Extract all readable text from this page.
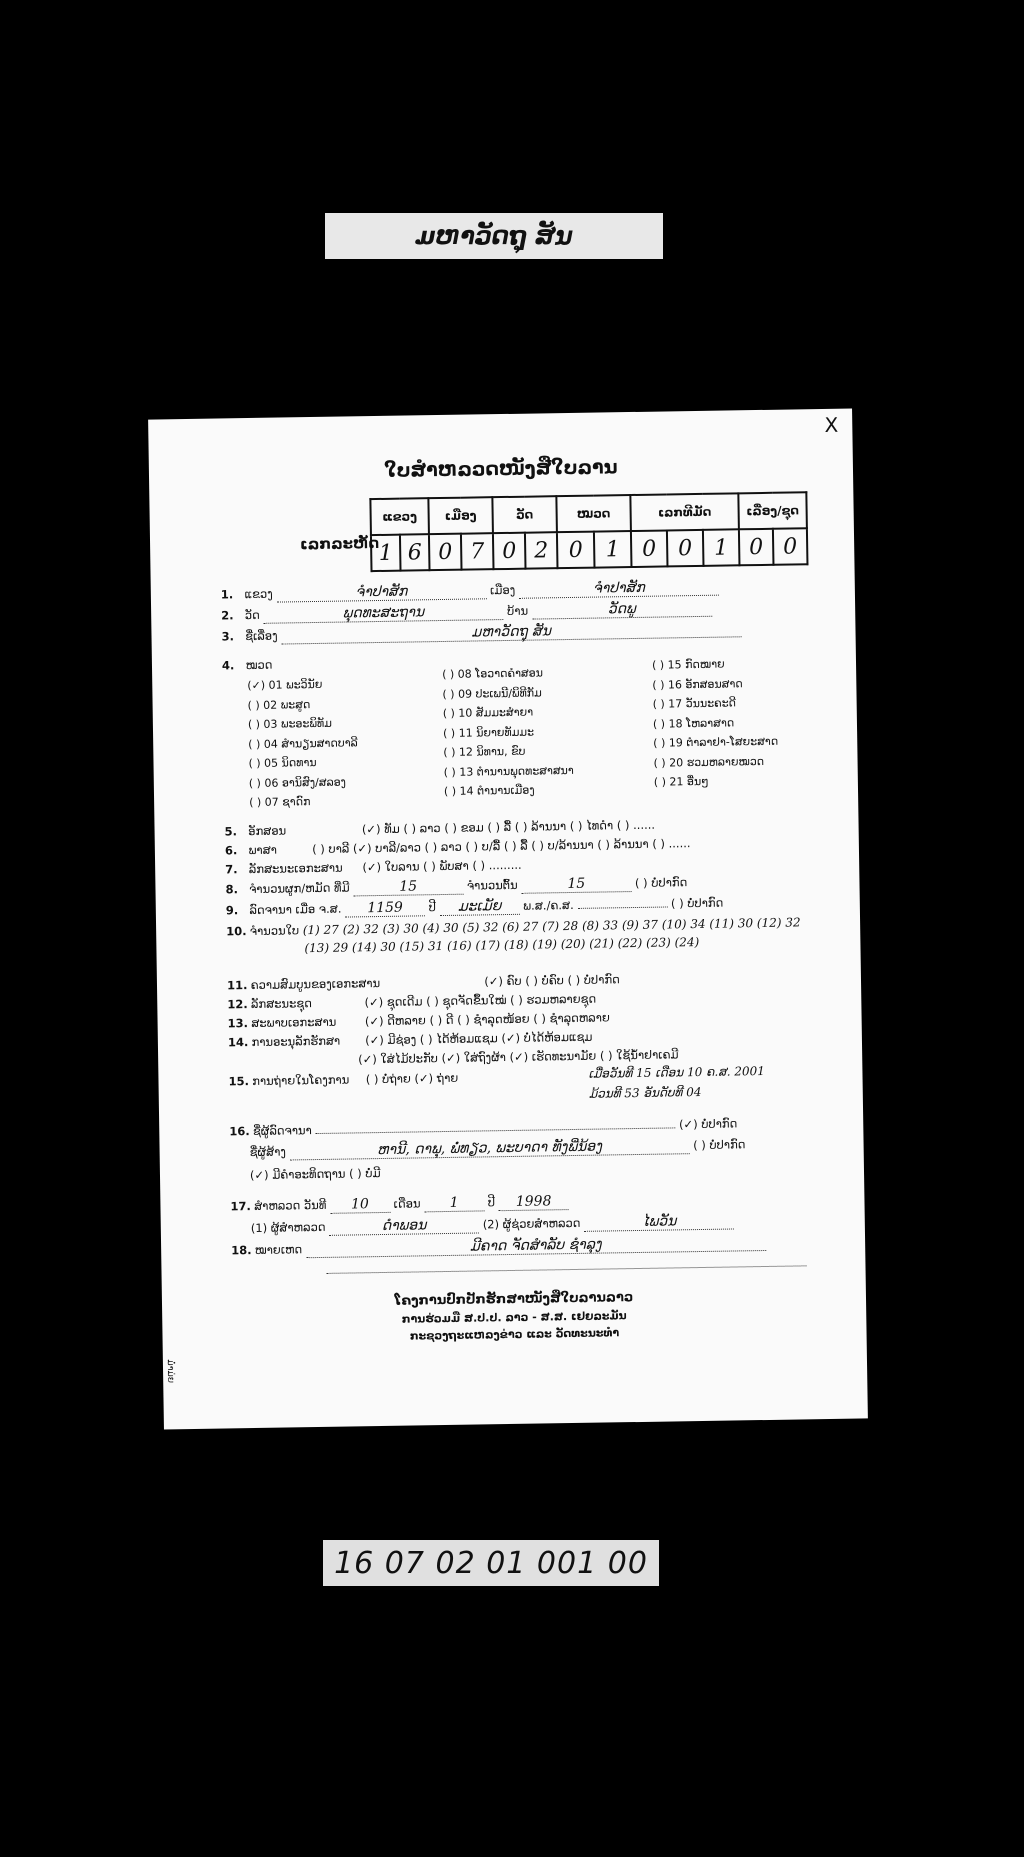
ມຫາວັດຖຸ ສັນ
X
ໃບສໍາຫລວດໜັງສືໃບລານ
ເລກລະຫັດ
ແຂວງ		ເມືອງ		ວັດ		ໝວດ		ເລກທີມັດ			ເລື່ອງ/ຊຸດ	
1	6	0	7	0	2	0	1	0	0	1	0	0
1. ແຂວງ	ຈໍາປາສັກ	ເມືອງ	ຈໍາປາສັກ
2. ວັດ	ພຸດທະສະຖານ	ບ້ານ	ວັດພູ
3. ຊື່ເລື່ອງ	ມຫາວັດຖຸ ສັນ
4. ໝວດ
(✓) 01 ພະວິນັຍ
( ) 02 ພະສູດ
( ) 03 ພະອະພິທັມ
( ) 04 ສໍານຽນສາດບາລີ
( ) 05 ນິດທານ
( ) 06 ອານິສົງ/ສລອງ
( ) 07 ຊາດົກ
( ) 08 ໂອວາດຄໍາສອນ
( ) 09 ປະເພນີ/ພິທີກັມ
( ) 10 ສັມມະສໍາຍາ
( ) 11 ນິຍາຍທັມມະ
( ) 12 ນິທານ, ຂົບ
( ) 13 ຕໍານານພຸດທະສາສນາ
( ) 14 ຕໍານານເມືອງ
( ) 15 ກົດໝາຍ
( ) 16 ອັກສອນສາດ
( ) 17 ວັນນະຄະດີ
( ) 18 ໂຫລາສາດ
( ) 19 ຕໍາລາຢາ-ໂສຍະສາດ
( ) 20 ຮວມຫລາຍໝວດ
( ) 21 ອື່ນໆ
5. ອັກສອນ	(✓) ທັມ ( ) ລາວ ( ) ຂອມ ( ) ລື້ ( ) ລ້ານນາ ( ) ໄທດໍາ ( ) ......
6. ພາສາ	( ) ບາລີ (✓) ບາລີ/ລາວ ( ) ລາວ ( ) ບ/ລື້ ( ) ລື້ ( ) ບ/ລ້ານນາ ( ) ລ້ານນາ ( ) ......
7. ລັກສະນະເອກະສານ (✓) ໃບລານ ( ) ພັບສາ ( ) .........
8. ຈໍານວນຜູກ/ຫມັດ ທີ່ມີ	15	ຈໍານວນຕົ້ນ	15	( ) ບໍ່ປາກົດ
9. ລົດຈານາ ເມື່ອ ຈ.ສ. 1159 ປີ ມະເມັຍ ພ.ສ./ຄ.ສ.	( ) ບໍ່ປາກົດ
10. ຈໍານວນໃບ (1) 27 (2) 32 (3) 30 (4) 30 (5) 32 (6) 27 (7) 28 (8) 33 (9) 37 (10) 34 (11) 30 (12) 32
(13) 29 (14) 30 (15) 31 (16) (17) (18) (19) (20) (21) (22) (23) (24)
11. ຄວາມສົມບູນຂອງເອກະສານ	(✓) ຄົບ ( ) ບໍ່ຄົບ ( ) ບໍ່ປາກົດ
12. ລັກສະນະຊຸດ	(✓) ຊຸດເດີມ ( ) ຊຸດຈັດຂຶ້ນໃໝ່ ( ) ຮວມຫລາຍຊຸດ
13. ສະພາບເອກະສານ (✓) ດີຫລາຍ ( ) ດີ ( ) ຊໍາລຸດໜ້ອຍ ( ) ຊໍາລຸດຫລາຍ
14. ການອະນຸລັກຮັກສາ (✓) ມີຊ່ອງ ( ) ໄດ້ຫ້ອມແຊມ (✓) ບໍ່ໄດ້ຫ້ອມແຊມ
(✓) ໃສ່ໄມ້ປະກັບ (✓) ໃສ່ຖົງຜ້າ (✓) ເຮັດທະນາມັຍ ( ) ໃຊ້ນໍ້າຢາເຄມີ
15. ການຖ່າຍໃນໂຄງການ ( ) ບໍ່ຖ່າຍ (✓) ຖ່າຍ	ເມື່ອວັນທີ 15 ເດືອນ 10 ຄ.ສ. 2001
ມ້ວນທີ 53 ອັນດັບທີ 04
16. ຊື່ຜູ້ລົດຈານາ	(✓) ບໍ່ປາກົດ
ຊື່ຜູ້ສ້າງ	ຫານີ, ດາພຸ, ພໍ່ທຽວ, ພະບາດາ ທັງພີ່ນ້ອງ	( ) ບໍ່ປາກົດ
(✓) ມີຄໍາອະທິດຖານ ( ) ບໍ່ມີ
17. ສໍາຫລວດ ວັນທີ 10 ເດືອນ 1	ປີ 1998
(1) ຜູ້ສໍາຫລວດ	ດໍາພອນ	(2) ຜູ້ຊ່ວຍສໍາຫລວດ	ໄພວັນ
18. ໝາຍເຫດ	ມີຄາດ ຈັດສໍາລັບ ຊໍາລຸງ
ໂຄງການປົກປັກຮັກສາໜັງສືໃບລານລາວ
ການຮ່ວມມື ສ.ປ.ປ. ລາວ - ສ.ສ. ເຢຍລະມັນ
ກະຊວງຖະແຫລງຂ່າວ ແລະ ວັດທະນະທໍາ
ມໍ່າມ່ຍ
16 07 02 01 001 00
